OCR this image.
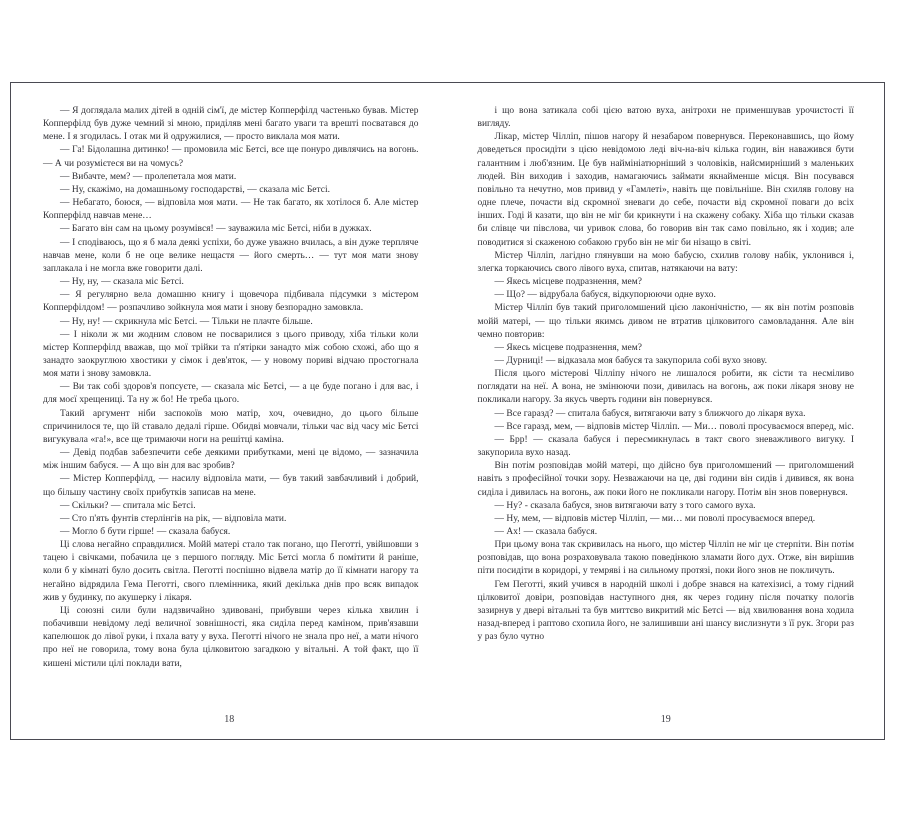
— Я доглядала малих дітей в одній сім'ї, де містер Копперфілд частенько бував. Містер Копперфілд був дуже чемний зі мною, приділяв мені багато уваги та врешті посватався до мене. І я згодилась. І отак ми й одружилися, — просто виклала моя мати.

— Га! Бідолашна дитинко! — промовила міс Бетсі, все ще понуро дивлячись на вогонь. — А чи розумієтеся ви на чомусь?

— Вибачте, мем? — пролепетала моя мати.

— Ну, скажімо, на домашньому господарстві, — сказала міс Бетсі.

— Небагато, боюся, — відповіла моя мати. — Не так багато, як хотілося б. Але містер Копперфілд навчав мене…

— Багато він сам на цьому розумівся! — зауважила міс Бетсі, ніби в дужках.

— І сподіваюсь, що я б мала деякі успіхи, бо дуже уважно вчилась, а він дуже терпляче навчав мене, коли б не оце велике нещастя — його смерть… — тут моя мати знову заплакала і не могла вже говорити далі.

— Ну, ну, — сказала міс Бетсі.

— Я регулярно вела домашню книгу і щовечора підбивала підсумки з містером Копперфілдом! — розпачливо зойкнула моя мати і знову безпорадно замовкла.

— Ну, ну! — скрикнула міс Бетсі. — Тільки не плачте більше.

— І ніколи ж ми жодним словом не посварилися з цього приводу, хіба тільки коли містер Копперфілд вважав, що мої трійки та п'ятірки занадто між собою схожі, або що я занадто заокруглюю хвостики у сімок і дев'яток, — у новому пориві відчаю простогнала моя мати і знову замовкла.

— Ви так собі здоров'я попсуєте, — сказала міс Бетсі, — а це буде погано і для вас, і для моєї хрещениці. Та ну ж бо! Не треба цього.

Такий аргумент ніби заспокоїв мою матір, хоч, очевидно, до цього більше спричинилося те, що їй ставало дедалі гірше. Обидві мовчали, тільки час від часу міс Бетсі вигукувала «га!», все ще тримаючи ноги на решітці каміна.

— Девід подбав забезпечити себе деякими прибутками, мені це відомо, — зазначила між іншим бабуся. — А що він для вас зробив?

— Містер Копперфілд, — насилу відповіла мати, — був такий завбачливий і добрий, що більшу частину своїх прибутків записав на мене.

— Скільки? — спитала міс Бетсі.

— Сто п'ять фунтів стерлінгів на рік, — відповіла мати.

— Могло б бути гірше! — сказала бабуся.

Ці слова негайно справдилися. Мойй матері стало так погано, що Пеготті, увійшовши з тацею і свічками, побачила це з першого погляду. Міс Бетсі могла б помітити й раніше, коли б у кімнаті було досить світла. Пеготті поспішно відвела матір до її кімнати нагору та негайно відрядила Гема Пеготті, свого племінника, який декілька днів про всяк випадок жив у будинку, по акушерку і лікаря.

Ці союзні сили були надзвичайно здивовані, прибувши через кілька хвилин і побачивши невідому леді величної зовнішності, яка сиділа перед каміном, прив'язавши капелюшок до лівої руки, і пхала вату у вуха. Пеготті нічого не знала про неї, а мати нічого про неї не говорила, тому вона була цілковитою загадкою у вітальні. А той факт, що її кишені містили цілі поклади вати,

18

і що вона затикала собі цією ватою вуха, анітрохи не применшував урочистості її вигляду.

Лікар, містер Чілліп, пішов нагору й незабаром повернувся. Переконавшись, що йому доведеться просидіти з цією невідомою леді віч-на-віч кілька годин, він наважився бути галантним і люб'язним. Це був наймініатюрніший з чоловіків, найсмирніший з маленьких людей. Він виходив і заходив, намагаючись займати якнайменше місця. Він посувався повільно та нечутно, мов привид у «Гамлеті», навіть ще повільніше. Він схиляв голову на одне плече, почасти від скромної зневаги до себе, почасти від скромної поваги до всіх інших. Годі й казати, що він не міг би крикнути і на скажену собаку. Хіба що тільки сказав би слівце чи півслова, чи уривок слова, бо говорив він так само повільно, як і ходив; але поводитися зі скаженою собакою грубо він не міг би нізащо в світі.

Містер Чілліп, лагідно глянувши на мою бабусю, схилив голову набік, уклонився і, злегка торкаючись свого лівого вуха, спитав, натякаючи на вату:

— Якесь місцеве подразнення, мем?

— Що? — відрубала бабуся, відкупорюючи одне вухо.

Містер Чілліп був такий приголомшений цією лаконічністю, — як він потім розповів мойй матері, — що тільки якимсь дивом не втратив цілковитого самовладання. Але він чемно повторив:

— Якесь місцеве подразнення, мем?

— Дурниці! — відказала моя бабуся та закупорила собі вухо знову.

Після цього містерові Чілліпу нічого не лишалося робити, як сісти та несміливо поглядати на неї. А вона, не змінюючи пози, дивилась на вогонь, аж поки лікаря знову не покликали нагору. За якусь чверть години він повернувся.

— Все гаразд? — спитала бабуся, витягаючи вату з ближчого до лікаря вуха.

— Все гаразд, мем, — відповів містер Чілліп. — Ми… поволі просуваємося вперед, міс.

— Брр! — сказала бабуся і пересмикнулась в такт свого зневажливого вигуку. І закупорила вухо назад.

Він потім розповідав мойй матері, що дійсно був приголомшений — приголомшений навіть з професійної точки зору. Незважаючи на це, дві години він сидів і дивився, як вона сиділа і дивилась на вогонь, аж поки його не покликали нагору. Потім він знов повернувся.

— Ну? - сказала бабуся, знов витягаючи вату з того самого вуха.

— Ну, мем, — відповів містер Чілліп, — ми… ми поволі просуваємося вперед.

— Ах! — сказала бабуся.

При цьому вона так скривилась на нього, що містер Чілліп не міг це стерпіти. Він потім розповідав, що вона розраховувала такою поведінкою зламати його дух. Отже, він вирішив піти посидіти в коридорі, у темряві і на сильному протязі, поки його знов не покличуть.

Гем Пеготті, який учився в народній школі і добре знався на катехізисі, а тому гідний цілковитої довіри, розповідав наступного дня, як через годину після початку пологів зазирнув у двері вітальні та був миттєво викритий міс Бетсі — від хвилювання вона ходила назад-вперед і раптово схопила його, не залишивши ані шансу вислизнути з її рук. Згори раз у раз було чутно

19
